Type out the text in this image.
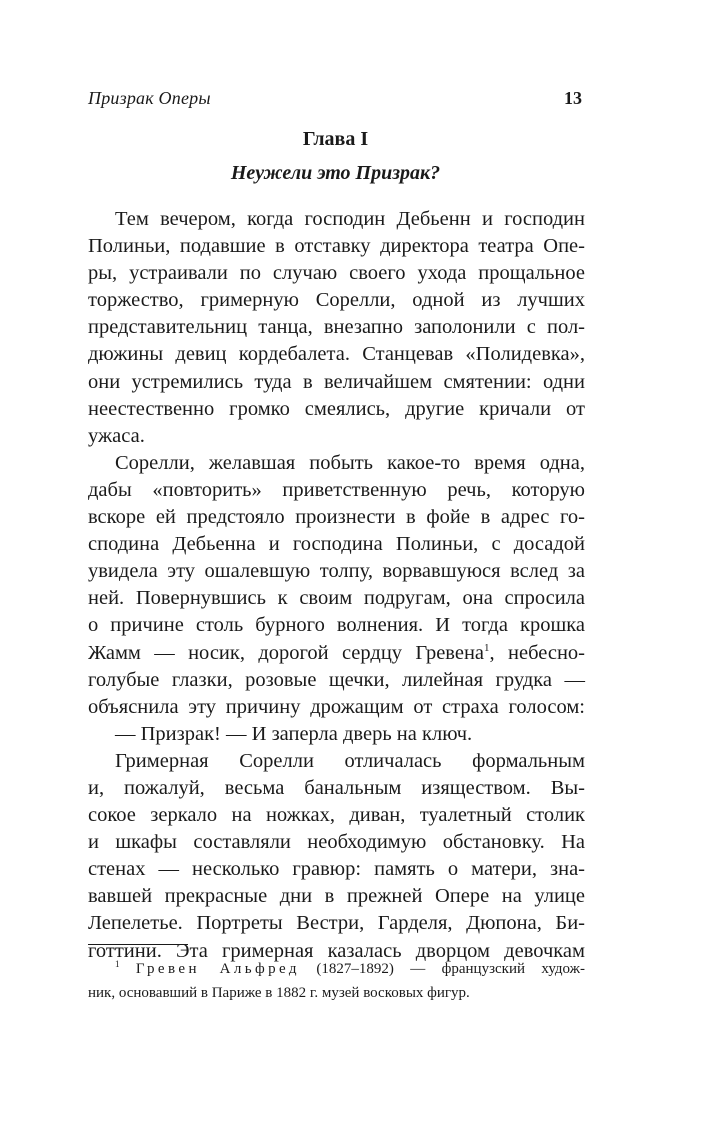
Призрак Оперы	13
Глава I
Неужели это Призрак?
Тем вечером, когда господин Дебьенн и господин
Полиньи, подавшие в отставку директора театра Опе-
ры, устраивали по случаю своего ухода прощальное
торжество, гримерную Сорелли, одной из лучших
представительниц танца, внезапно заполонили с пол-
дюжины девиц кордебалета. Станцевав «Полидевка»,
они устремились туда в величайшем смятении: одни
неестественно громко смеялись, другие кричали от
ужаса.
Сорелли, желавшая побыть какое-то время одна,
дабы «повторить» приветственную речь, которую
вскоре ей предстояло произнести в фойе в адрес го-
сподина Дебьенна и господина Полиньи, с досадой
увидела эту ошалевшую толпу, ворвавшуюся вслед за
ней. Повернувшись к своим подругам, она спросила
о причине столь бурного волнения. И тогда крошка
Жамм — носик, дорогой сердцу Гревена$^1$, небесно-
голубые глазки, розовые щечки, лилейная грудка —
объяснила эту причину дрожащим от страха голосом:
— Призрак! — И заперла дверь на ключ.
Гримерная Сорелли отличалась формальным
и, пожалуй, весьма банальным изяществом. Вы-
сокое зеркало на ножках, диван, туалетный столик
и шкафы составляли необходимую обстановку. На
стенах — несколько гравюр: память о матери, зна-
вавшей прекрасные дни в прежней Опере на улице
Лепелетье. Портреты Вестри, Гарделя, Дюпона, Би-
готтини. Эта гримерная казалась дворцом девочкам
$^1$ Гревен Альфред (1827–1892) — французский худож-
ник, основавший в Париже в 1882 г. музей восковых фигур.
